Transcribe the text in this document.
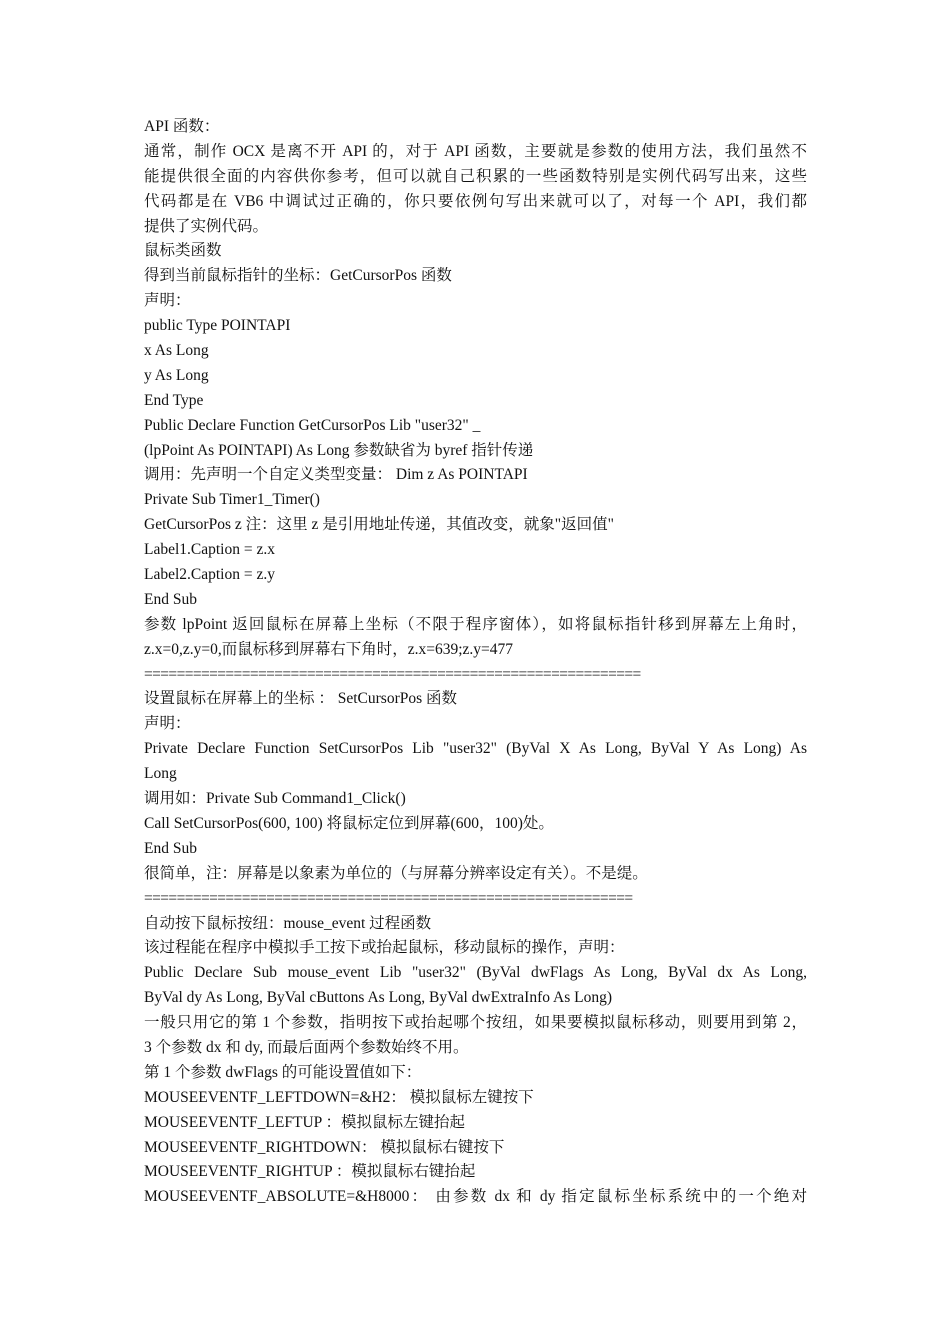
API 函数：
通常，制作 OCX 是离不开 API 的，对于 API 函数，主要就是参数的使用方法，我们虽然不
能提供很全面的内容供你参考，但可以就自己积累的一些函数特别是实例代码写出来，这些
代码都是在 VB6 中调试过正确的，你只要依例句写出来就可以了，对每一个 API，我们都
提供了实例代码。
鼠标类函数
得到当前鼠标指针的坐标：GetCursorPos 函数
声明：
public Type POINTAPI
x As Long
y As Long
End Type
Public Declare Function GetCursorPos Lib "user32" _
(lpPoint As POINTAPI) As Long 参数缺省为 byref 指针传递
调用：先声明一个自定义类型变量： Dim z As POINTAPI
Private Sub Timer1_Timer()
GetCursorPos z 注：这里 z 是引用地址传递，其值改变，就象"返回值"
Label1.Caption = z.x
Label2.Caption = z.y
End Sub
参数 lpPoint 返回鼠标在屏幕上坐标（不限于程序窗体），如将鼠标指针移到屏幕左上角时，
z.x=0,z.y=0,而鼠标移到屏幕右下角时，z.x=639;z.y=477
=============================================================
设置鼠标在屏幕上的坐标 ： SetCursorPos 函数
声明：
Private Declare Function SetCursorPos Lib "user32" (ByVal X As Long, ByVal Y As Long) As
Long
调用如：Private Sub Command1_Click()
Call SetCursorPos(600, 100) 将鼠标定位到屏幕(600，100)处。
End Sub
很简单，注：屏幕是以象素为单位的（与屏幕分辨率设定有关）。不是缇。
============================================================
自动按下鼠标按纽：mouse_event 过程函数
该过程能在程序中模拟手工按下或抬起鼠标，移动鼠标的操作，声明：
Public Declare Sub mouse_event Lib "user32" (ByVal dwFlags As Long, ByVal dx As Long,
ByVal dy As Long, ByVal cButtons As Long, ByVal dwExtraInfo As Long)
一般只用它的第 1 个参数，指明按下或抬起哪个按纽，如果要模拟鼠标移动，则要用到第 2，
3 个参数 dx 和 dy, 而最后面两个参数始终不用。
第 1 个参数 dwFlags 的可能设置值如下：
MOUSEEVENTF_LEFTDOWN=&H2： 模拟鼠标左键按下
MOUSEEVENTF_LEFTUP ：模拟鼠标左键抬起
MOUSEEVENTF_RIGHTDOWN： 模拟鼠标右键按下
MOUSEEVENTF_RIGHTUP ：模拟鼠标右键抬起
MOUSEEVENTF_ABSOLUTE=&H8000： 由参数 dx 和 dy 指定鼠标坐标系统中的一个绝对
